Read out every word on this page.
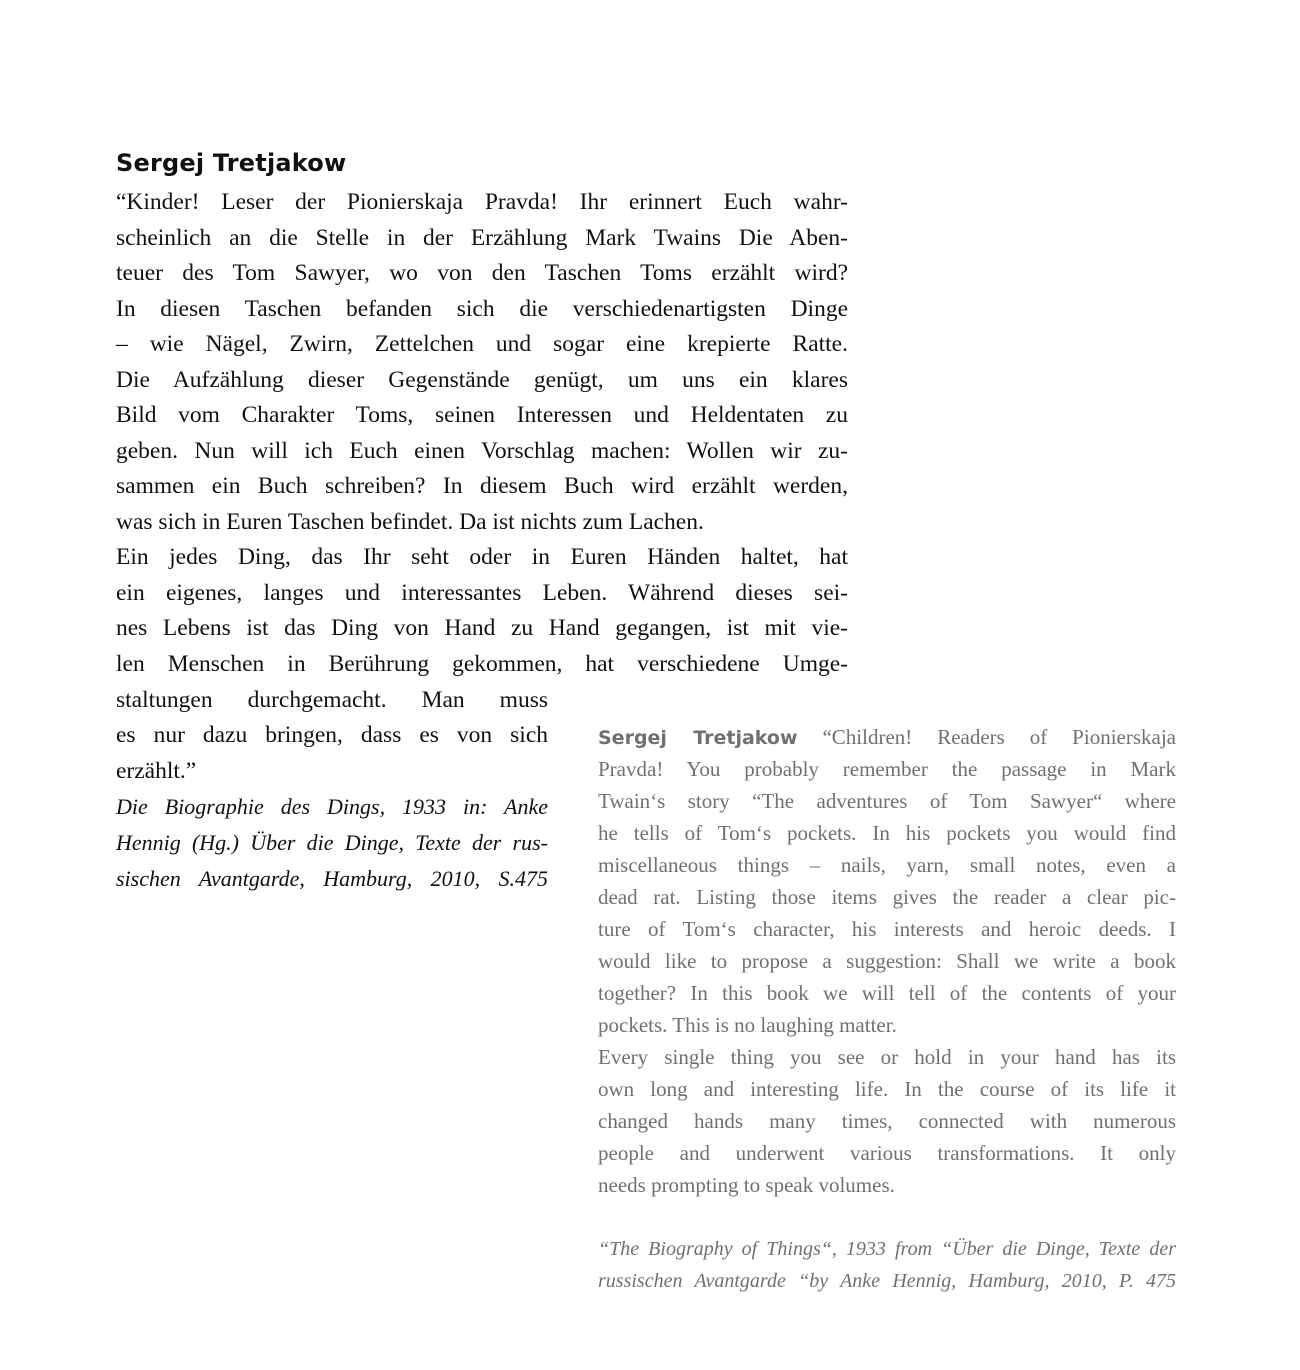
Sergej Tretjakow

“Kinder! Leser der Pionierskaja Pravda! Ihr erinnert Euch wahr-

scheinlich an die Stelle in der Erzählung Mark Twains Die Aben-

teuer des Tom Sawyer, wo von den Taschen Toms erzählt wird?

In diesen Taschen befanden sich die verschiedenartigsten Dinge

– wie Nägel, Zwirn, Zettelchen und sogar eine krepierte Ratte.

Die Aufzählung dieser Gegenstände genügt, um uns ein klares

Bild vom Charakter Toms, seinen Interessen und Heldentaten zu

geben. Nun will ich Euch einen Vorschlag machen: Wollen wir zu-

sammen ein Buch schreiben? In diesem Buch wird erzählt werden,

was sich in Euren Taschen befindet. Da ist nichts zum Lachen.

Ein jedes Ding, das Ihr seht oder in Euren Händen haltet, hat

ein eigenes, langes und interessantes Leben. Während dieses sei-

nes Lebens ist das Ding von Hand zu Hand gegangen, ist mit vie-

len Menschen in Berührung gekommen, hat verschiedene Umge-

staltungen durchgemacht. Man muss

es nur dazu bringen, dass es von sich

erzählt.”

Die Biographie des Dings, 1933 in: Anke

Hennig (Hg.) Über die Dinge, Texte der rus-

sischen Avantgarde, Hamburg, 2010, S.475

Sergej Tretjakow “Children! Readers of Pionierskaja

Pravda! You probably remember the passage in Mark

Twain‘s story “The adventures of Tom Sawyer“ where

he tells of Tom‘s pockets. In his pockets you would find

miscellaneous things – nails, yarn, small notes, even a

dead rat. Listing those items gives the reader a clear pic-

ture of Tom‘s character, his interests and heroic deeds. I

would like to propose a suggestion: Shall we write a book

together? In this book we will tell of the contents of your

pockets. This is no laughing matter.

Every single thing you see or hold in your hand has its

own long and interesting life. In the course of its life it

changed hands many times, connected with numerous

people and underwent various transformations. It only

needs prompting to speak volumes.

“The Biography of Things“, 1933 from “Über die Dinge, Texte der

russischen Avantgarde “by Anke Hennig, Hamburg, 2010, P. 475
